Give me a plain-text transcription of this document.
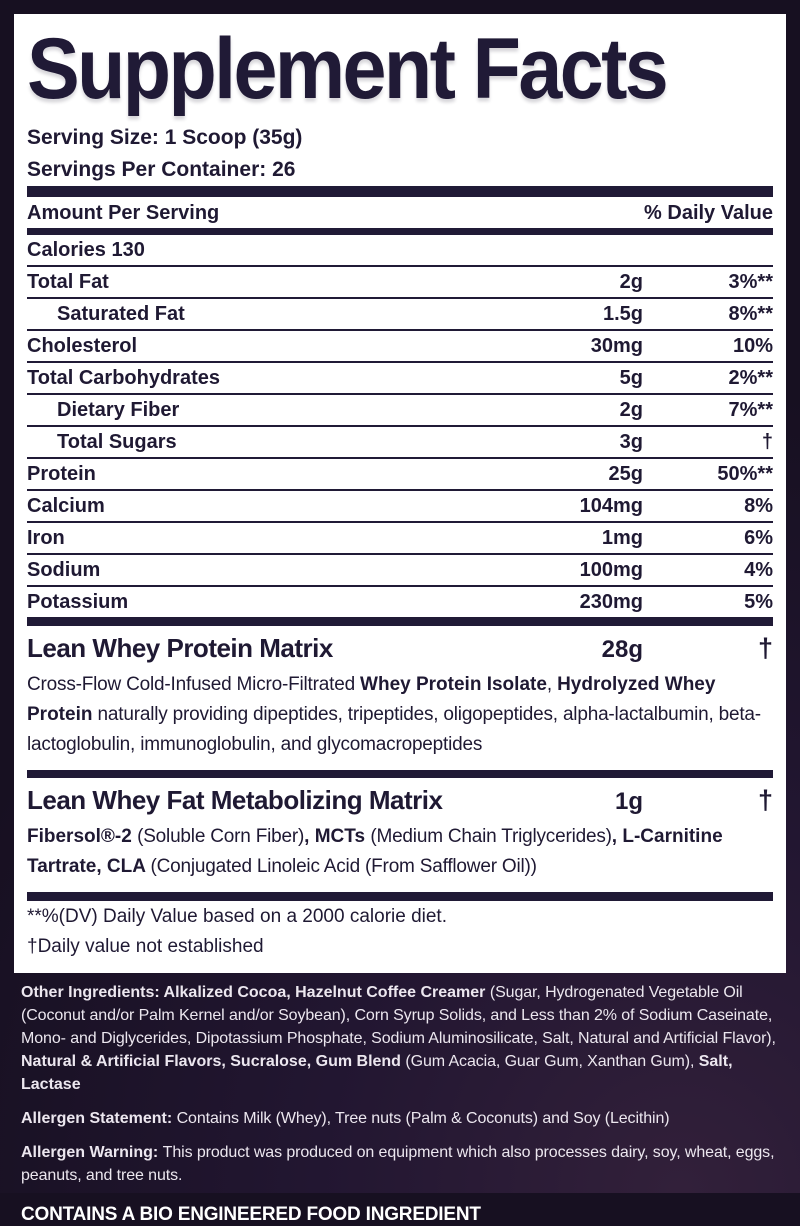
Supplement Facts
Serving Size: 1 Scoop (35g)
Servings Per Container: 26
Amount Per Serving	% Daily Value
Calories 130
Total Fat	2g	3%**
Saturated Fat	1.5g	8%**
Cholesterol	30mg	10%
Total Carbohydrates	5g	2%**
Dietary Fiber	2g	7%**
Total Sugars	3g	†
Protein	25g	50%**
Calcium	104mg	8%
Iron	1mg	6%
Sodium	100mg	4%
Potassium	230mg	5%
Lean Whey Protein Matrix	28g	†

Cross-Flow Cold-Infused Micro-Filtrated Whey Protein Isolate, Hydrolyzed Whey Protein naturally providing dipeptides, tripeptides, oligopeptides, alpha-lactalbumin, beta-lactoglobulin, immunoglobulin, and glycomacropeptides

Lean Whey Fat Metabolizing Matrix	1g	†

Fibersol®-2 (Soluble Corn Fiber), MCTs (Medium Chain Triglycerides), L-Carnitine Tartrate, CLA (Conjugated Linoleic Acid (From Safflower Oil))

**%(DV) Daily Value based on a 2000 calorie diet.
†Daily value not established

Other Ingredients: Alkalized Cocoa, Hazelnut Coffee Creamer (Sugar, Hydrogenated Vegetable Oil (Coconut and/or Palm Kernel and/or Soybean), Corn Syrup Solids, and Less than 2% of Sodium Caseinate, Mono- and Diglycerides, Dipotassium Phosphate, Sodium Aluminosilicate, Salt, Natural and Artificial Flavor), Natural & Artificial Flavors, Sucralose, Gum Blend (Gum Acacia, Guar Gum, Xanthan Gum), Salt, Lactase

Allergen Statement: Contains Milk (Whey), Tree nuts (Palm & Coconuts) and Soy (Lecithin)

Allergen Warning: This product was produced on equipment which also processes dairy, soy, wheat, eggs, peanuts, and tree nuts.

CONTAINS A BIO ENGINEERED FOOD INGREDIENT
